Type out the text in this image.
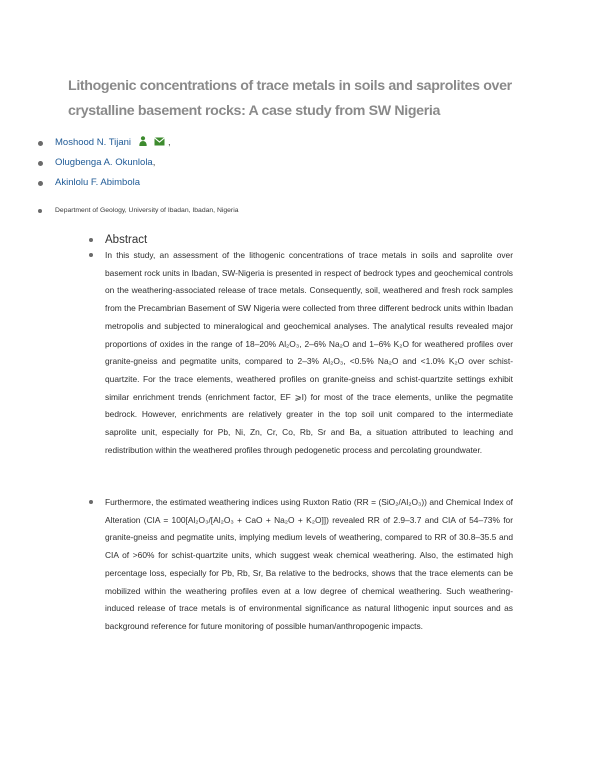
Lithogenic concentrations of trace metals in soils and saprolites over crystalline basement rocks: A case study from SW Nigeria
Moshood N. Tijani	,
Olugbenga A. Okunlola,
Akinlolu F. Abimbola
Department of Geology, University of Ibadan, Ibadan, Nigeria
Abstract

In this study, an assessment of the lithogenic concentrations of trace metals in soils and saprolite over basement rock units in Ibadan, SW-Nigeria is presented in respect of bedrock types and geochemical controls on the weathering-associated release of trace metals. Consequently, soil, weathered and fresh rock samples from the Precambrian Basement of SW Nigeria were collected from three different bedrock units within Ibadan metropolis and subjected to mineralogical and geochemical analyses. The analytical results revealed major proportions of oxides in the range of 18–20% Al₂O₃, 2–6% Na₂O and 1–6% K₂O for weathered profiles over granite-gneiss and pegmatite units, compared to 2–3% Al₂O₃, <0.5% Na₂O and <1.0% K₂O over schist-quartzite. For the trace elements, weathered profiles on granite-gneiss and schist-quartzite settings exhibit similar enrichment trends (enrichment factor, EF ⩾I) for most of the trace elements, unlike the pegmatite bedrock. However, enrichments are relatively greater in the top soil unit compared to the intermediate saprolite unit, especially for Pb, Ni, Zn, Cr, Co, Rb, Sr and Ba, a situation attributed to leaching and redistribution within the weathered profiles through pedogenetic process and percolating groundwater.

Furthermore, the estimated weathering indices using Ruxton Ratio (RR = (SiO₂/Al₂O₃)) and Chemical Index of Alteration (CIA = 100[Al₂O₃/[Al₂O₃ + CaO + Na₂O + K₂O]]) revealed RR of 2.9–3.7 and CIA of 54–73% for granite-gneiss and pegmatite units, implying medium levels of weathering, compared to RR of 30.8–35.5 and CIA of >60% for schist-quartzite units, which suggest weak chemical weathering. Also, the estimated high percentage loss, especially for Pb, Rb, Sr, Ba relative to the bedrocks, shows that the trace elements can be mobilized within the weathering profiles even at a low degree of chemical weathering. Such weathering-induced release of trace metals is of environmental significance as natural lithogenic input sources and as background reference for future monitoring of possible human/anthropogenic impacts.
